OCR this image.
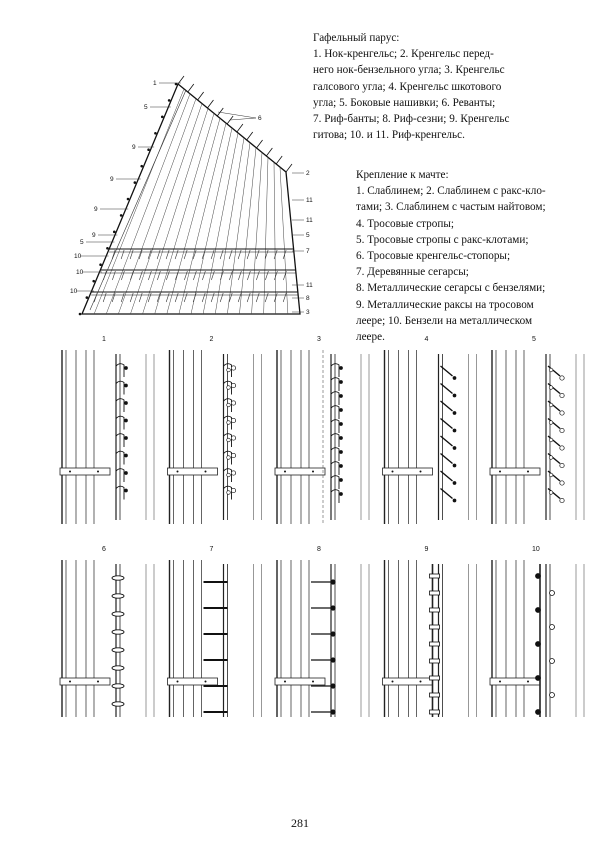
Гафельный парус:
1. Нок-кренгельс; 2. Кренгельс перед-
него нок-бензельного угла; 3. Кренгельс
галсового угла; 4. Кренгельс шкотового
угла; 5. Боковые нашивки; 6. Реванты;
7. Риф-банты; 8. Риф-сезни; 9. Кренгельс
гитова; 10. и 11. Риф-кренгельс.
Крепление к мачте:
1. Слаблинем; 2. Слаблинем с ракс-кло-
тами; 3. Слаблинем с частым найтовом;
4. Тросовые стропы;
5. Тросовые стропы с ракс-клотами;
6. Тросовые кренгельс-стопоры;
7. Деревянные сегарсы;
8. Металлические сегарсы с бензелями;
9. Металлические раксы на тросовом
леере; 10. Бензели на металлическом
леере.
1
5
9
9
9
9
5
10
10
10
6
2
11
11
5
7
11
8
3
1	2	3	4	5
6	7	8	9	10
281
